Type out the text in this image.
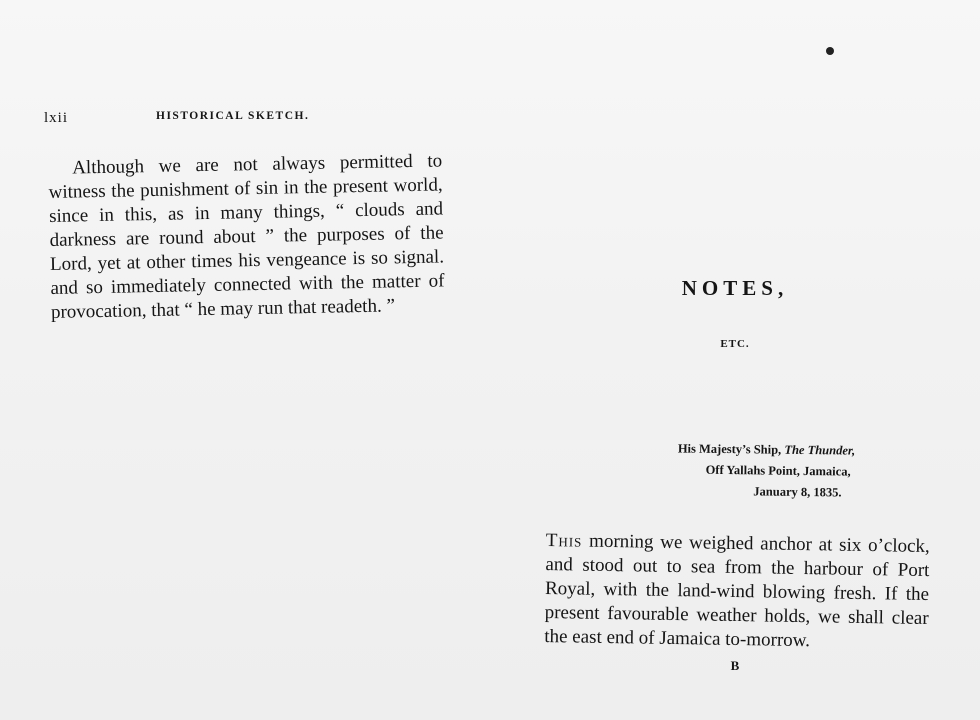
lxii	HISTORICAL SKETCH.

Although we are not always permitted to witness the punishment of sin in the present world, since in this, as in many things, “ clouds and darkness are round about ” the purposes of the Lord, yet at other times his vengeance is so signal. and so immediately connected with the matter of provocation, that “ he may run that readeth. ”

NOTES,
ETC.
His Majesty’s Ship, The Thunder,
Off Yallahs Point, Jamaica,
January 8, 1835.

This morning we weighed anchor at six o’clock, and stood out to sea from the harbour of Port Royal, with the land-wind blowing fresh. If the present favourable weather holds, we shall clear the east end of Jamaica to-morrow.

B
